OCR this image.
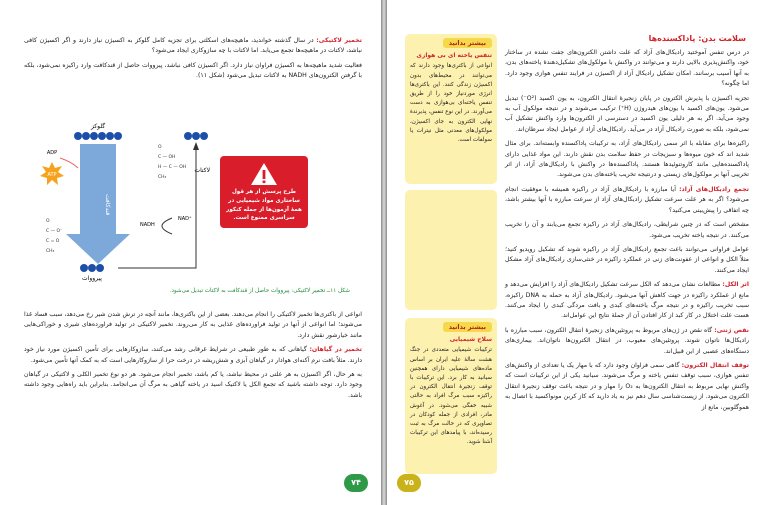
تخمیر لاکتیکی: در سال گذشته خواندید، ماهیچه‌های اسکلتی برای تجزیه کامل گلوکز به اکسیژن نیاز دارند و اگر اکسیژن کافی نباشد، لاکتات در ماهیچه‌ها تجمع می‌یابد. اما لاکتات با چه سازوکاری ایجاد می‌شود؟

فعالیت شدید ماهیچه‌ها به اکسیژن فراوان نیاز دارد. اگر اکسیژن کافی نباشد، پیرووات حاصل از قندکافت وارد راکیزه نمی‌شود، بلکه با گرفتن الکترون‌های NADH به لاکتات تبدیل می‌شود (شکل ۱۱).

گلوکز
قندکافت
ATP
ADP
پیرووات
O
C — O⁻
C = O
CH₃
O
C — OH
H — C — OH
CH₃
لاکتات
NAD⁺
NADH
طرح پرسش از هر قول ساختاری مواد شیمیایی در همهٔ آزمون‌ها از جمله کنکور سراسری ممنوع است.
شکل ۱۱ــ تخمیر لاکتیکی: پیرووات حاصل از قندکافت به لاکتات تبدیل می‌شود.

انواعی از باکتری‌ها تخمیر لاکتیکی را انجام می‌دهند. بعضی از این باکتری‌ها، مانند آنچه در ترش شدن شیر رخ می‌دهد، سبب فساد غذا می‌شوند؛ اما انواعی از آنها در تولید فراورده‌های غذایی به کار می‌روند. تخمیر لاکتیکی در تولید فراورده‌های شیری و خوراکی‌هایی مانند خیارشور نقش دارد.

تخمیر در گیاهان: گیاهانی که به طور طبیعی در شرایط غرقابی رشد می‌کنند، سازوکارهایی برای تأمین اکسیژن مورد نیاز خود دارند. مثلاً بافت نرم آکنه‌ای هوادار در گیاهان آبزی و شش‌ریشه در درخت حرا از سازوکارهایی است که به کمک آنها تأمین می‌شود.

به هر حال، اگر اکسیژن به هر علتی در محیط نباشد، یا کم باشد، تخمیر انجام می‌شود. هر دو نوع تخمیر الکلی و لاکتیکی در گیاهان وجود دارد. توجه داشته باشید که تجمع الکل یا لاکتیک اسید در یاخته گیاهی به مرگ آن می‌انجامد. بنابراین باید راه‌هایی وجود داشته باشد.

۷۴
بیشتر بدانید
تنفس یاخته ای بی هوازی
انواعی از باکتری‌ها وجود دارند که می‌توانند در محیط‌های بدون اکسیژن زندگی کنند. این باکتری‌ها انرژی موردنیاز خود را از طریق تنفس یاخته‌ای بی‌هوازی به دست می‌آورند. در این نوع تنفس، پذیرندهٔ نهایی الکترون به جای اکسیژن، مولکول‌های معدنی مثل نیترات یا سولفات است.
بیشتر بدانید
سلاح شیمیایی
ترکیبات شیمیایی متعددی در جنگ هشت سالهٔ علیه ایران بر اساس ماده‌های شیمیایی دارای همچنین سیانید به کار برد. این ترکیبات با توقف زنجیرهٔ انتقال الکترون در راکیزه سبب مرگ افراد به حالتی شبیه خفگی می‌شود. در آغوش مادر، افرادی از جمله کودکان در تصاویری که در حالت مرگ به ثبت رسیده‌اند، با پیامدهای این ترکیبات آشنا شوید.
سلامت بدن: پاداکسنده‌ها

در درس تنفس آموختید رادیکال‌های آزاد که علت داشتن الکترون‌های جفت نشده در ساختار خود، واکنش‌پذیری بالایی دارند و می‌توانند در واکنش با مولکول‌های تشکیل‌دهندهٔ یاخته‌های بدن، به آنها آسیب برسانند. امکان تشکیل رادیکال آزاد از اکسیژن در فرایند تنفس هوازی وجود دارد. اما چگونه؟

تجزیه اکسیژن با پذیرش الکترون در پایان زنجیرهٔ انتقال الکترون، به یون اکسید (O²⁻) تبدیل می‌شود. یون‌های اکسید با یون‌های هیدروژن (H⁺) ترکیب می‌شوند و در نتیجه مولکول آب به وجود می‌آید. اگر به هر دلیلی یون اکسید در دسترسی از الکترون‌ها وارد واکنش تشکیل آب نمی‌شود، بلکه به صورت رادیکال آزاد در می‌آید. رادیکال‌های آزاد از عوامل ایجاد سرطان‌اند.

راکیزه‌ها برای مقابله با اثر سمی رادیکال‌های آزاد، به ترکیبات پاداکسنده وابسته‌اند. برای مثال شدید اند که خون میوه‌ها و سبزیجات در حفظ سلامت بدن نقش دارند. این مواد غذایی دارای پاداکسنده‌هایی مانند کاروتنوئیدها هستند. پاداکسنده‌ها در واکنش با رادیکال‌های آزاد، از اثر تخریبی آنها بر مولکول‌های زیستی و درنتیجه تخریب یاخته‌های بدن می‌شوند.

تجمع رادیکال‌های آزاد: آیا مبارزه با رادیکال‌های آزاد در راکیزه همیشه با موفقیت انجام می‌شود؟ اگر به هر علت سرعت تشکیل رادیکال‌های آزاد از سرعت مبارزه با آنها بیشتر باشد، چه اتفاقی را پیش‌بینی می‌کنید؟

مشخص است که در چنین شرایطی، رادیکال‌های آزاد در راکیزه تجمع می‌یابند و آن را تخریب می‌کنند. در نتیجه یاخته تخریب می‌شود.

عوامل فراوانی می‌توانند باعث تجمع رادیکال‌های آزاد در راکیزه شوند که تشکیل رویدیو کنید؛ مثلاً الکل و انواعی از عفونت‌های زنی در عملکرد راکیزه در خنثی‌سازی رادیکال‌های آزاد مشکل ایجاد می‌کنند.

اثر الکل: مطالعات نشان می‌دهد که الکل سرعت تشکیل رادیکال‌های آزاد را افزایش می‌دهد و مانع از عملکرد راکیزه در جهت کاهش آنها می‌شود. رادیکال‌های آزاد به حمله به DNA راکیزه، سبب تخریب راکیزه و در نتیجه مرگ یاخته‌های کبدی و بافت مردگی کبدی را ایجاد می‌کنند. هست علت اختلال در کار کبد از کار افتادن آن از جملهٔ نتایج این عوامل‌اند.

نقص ژنتی: گاه نقص در ژن‌های مربوط به پروتئین‌های زنجیرهٔ انتقال الکترون، سبب مبارزه با رادیکال‌ها ناتوان شوند. پروتئین‌های معیوب، در انتقال الکترون‌ها ناتوان‌اند. بیماری‌های دستگاه‌های عصبی از این قبیل‌اند.

توقف انتقال الکترون: گاهی سمی فراوان وجود دارد که با مهار یک یا تعدادی از واکنش‌های تنفس هوازی، سبب توقف تنفس یاخته و مرگ می‌شوند. سیانید یکی از این ترکیبات است که واکنش نهایی مربوط به انتقال الکترون‌ها به O₂ را مهار و در نتیجه باعث توقف زنجیرهٔ انتقال الکترون می‌شود. از زیست‌شناسی سال دهم نیز به یاد دارید که کاز کربن مونواکسید با اتصال به هموگلوبین، مانع از

۷۵
